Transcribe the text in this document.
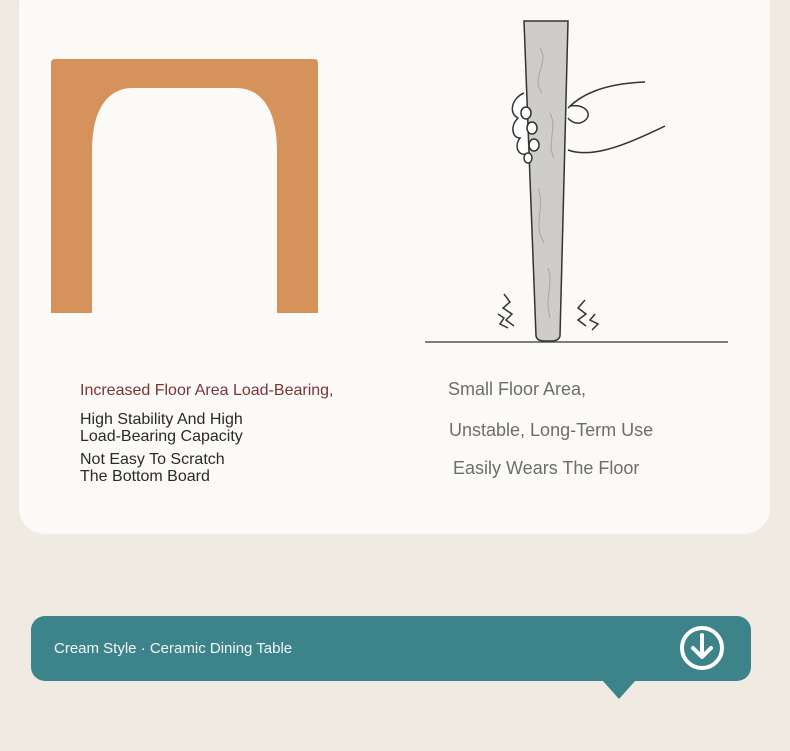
Increased Floor Area Load-Bearing,
High Stability And High
Load-Bearing Capacity
Not Easy To Scratch
The Bottom Board
Small Floor Area,
Unstable, Long-Term Use
Easily Wears The Floor
Cream Style · Ceramic Dining Table
